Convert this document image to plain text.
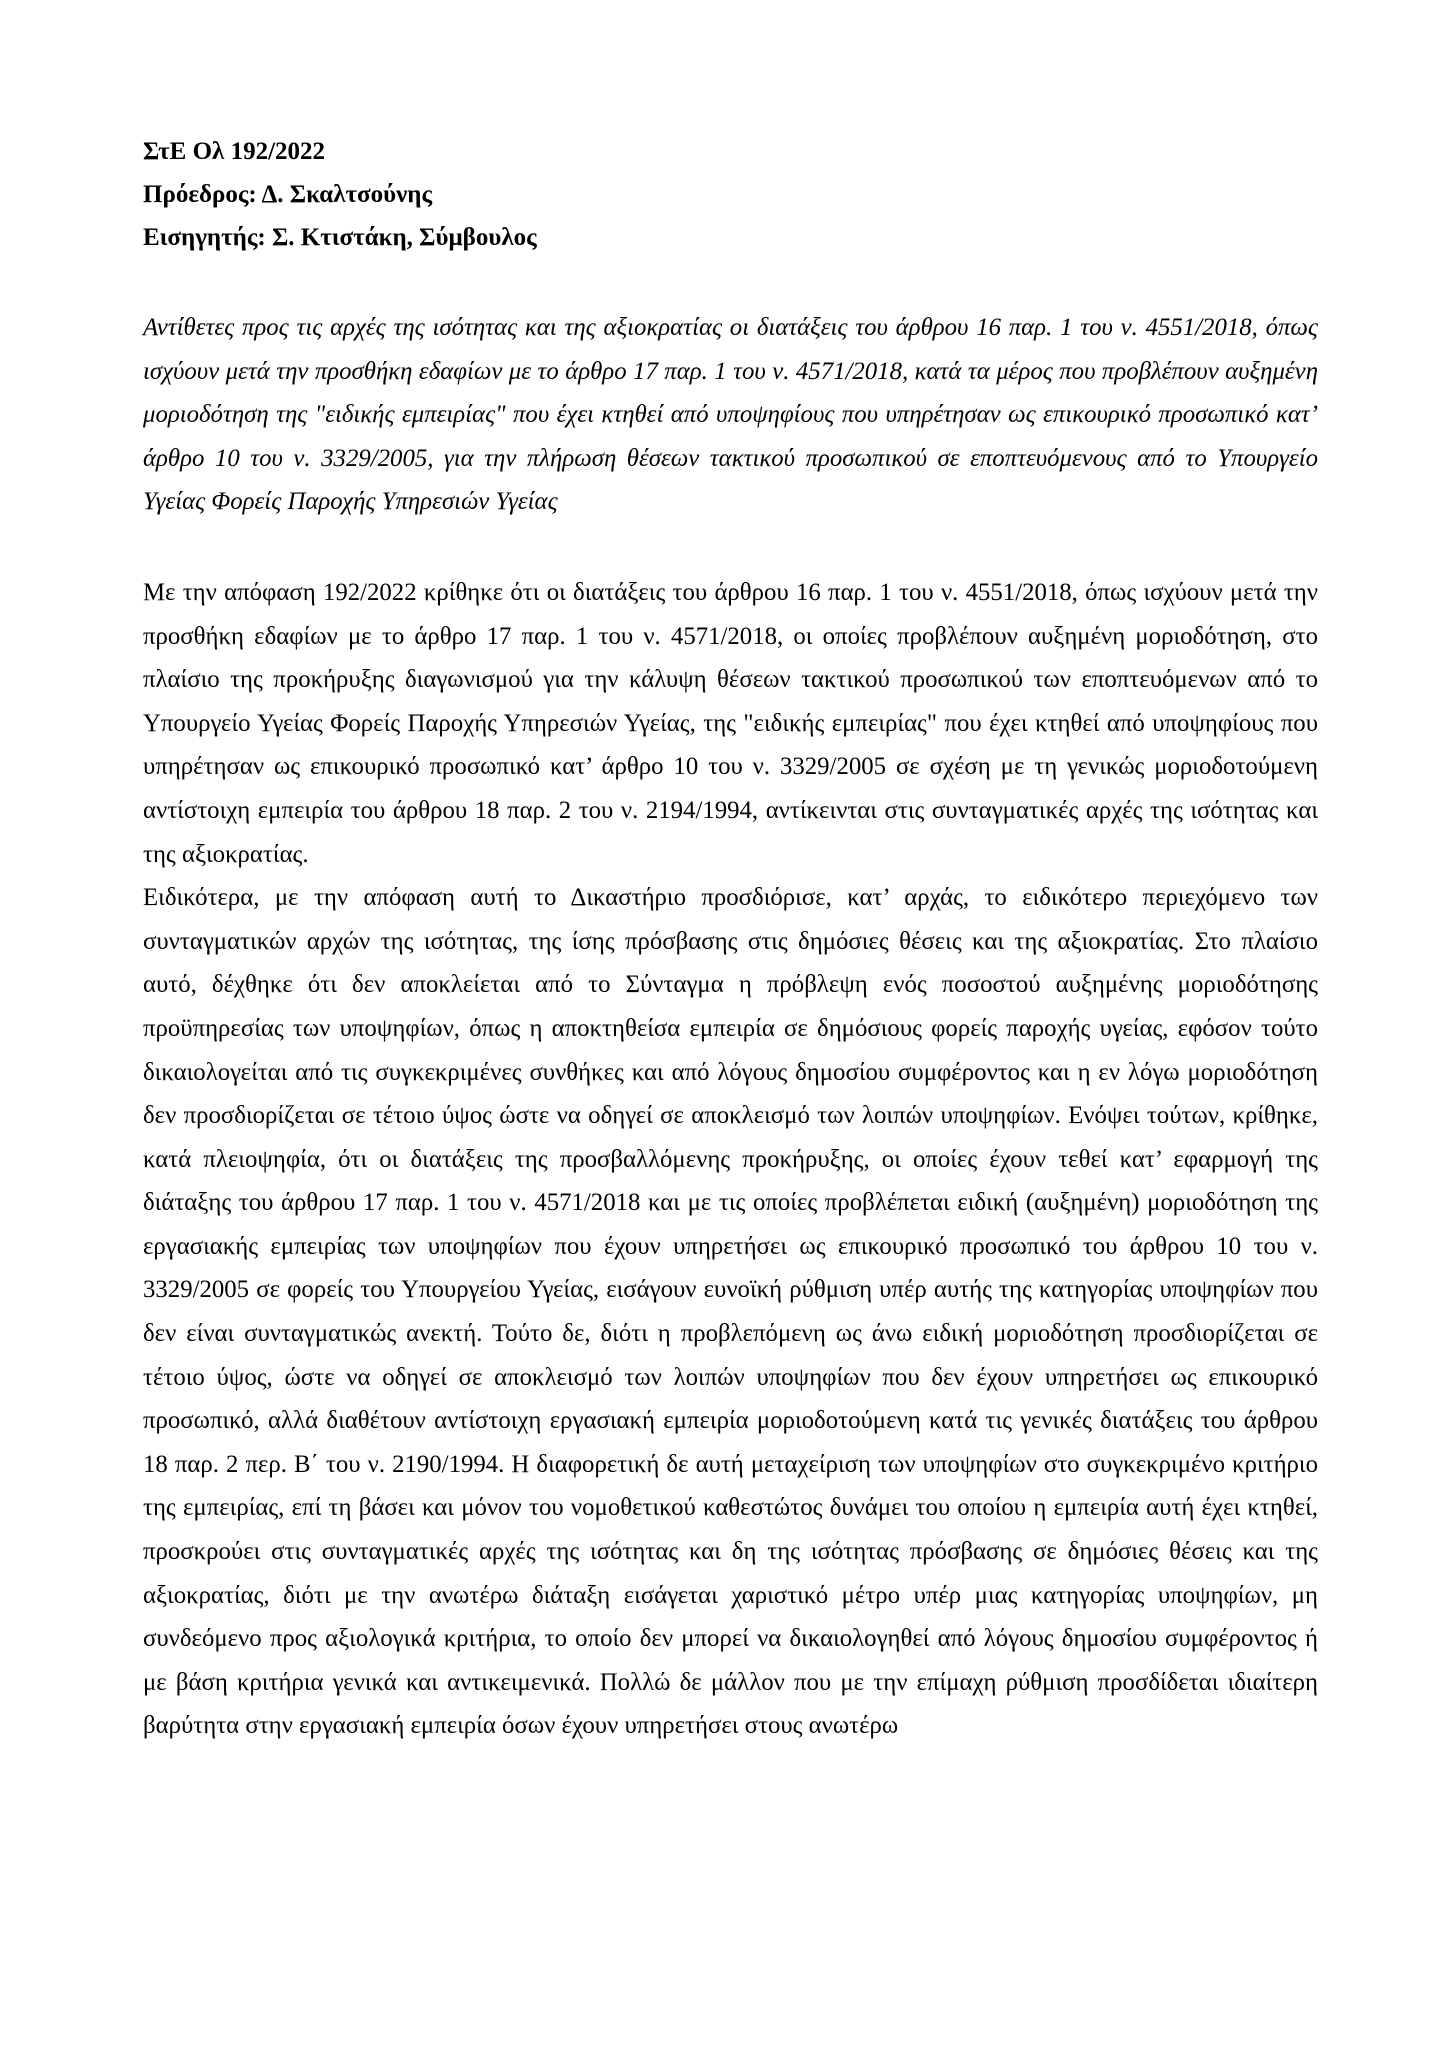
ΣτΕ Ολ 192/2022

Πρόεδρος: Δ. Σκαλτσούνης

Εισηγητής: Σ. Κτιστάκη, Σύμβουλος

Αντίθετες προς τις αρχές της ισότητας και της αξιοκρατίας οι διατάξεις του άρθρου 16 παρ. 1 του ν. 4551/2018, όπως ισχύουν μετά την προσθήκη εδαφίων με το άρθρο 17 παρ. 1 του ν. 4571/2018, κατά τα μέρος που προβλέπουν αυξημένη μοριοδότηση της "ειδικής εμπειρίας" που έχει κτηθεί από υποψηφίους που υπηρέτησαν ως επικουρικό προσωπικό κατ’ άρθρο 10 του ν. 3329/2005, για την πλήρωση θέσεων τακτικού προσωπικού σε εποπτευόμενους από το Υπουργείο Υγείας Φορείς Παροχής Υπηρεσιών Υγείας

Με την απόφαση 192/2022 κρίθηκε ότι οι διατάξεις του άρθρου 16 παρ. 1 του ν. 4551/2018, όπως ισχύουν μετά την προσθήκη εδαφίων με το άρθρο 17 παρ. 1 του ν. 4571/2018, οι οποίες προβλέπουν αυξημένη μοριοδότηση, στο πλαίσιο της προκήρυξης διαγωνισμού για την κάλυψη θέσεων τακτικού προσωπικού των εποπτευόμενων από το Υπουργείο Υγείας Φορείς Παροχής Υπηρεσιών Υγείας, της "ειδικής εμπειρίας" που έχει κτηθεί από υποψηφίους που υπηρέτησαν ως επικουρικό προσωπικό κατ’ άρθρο 10 του ν. 3329/2005 σε σχέση με τη γενικώς μοριοδοτούμενη αντίστοιχη εμπειρία του άρθρου 18 παρ. 2 του ν. 2194/1994, αντίκεινται στις συνταγματικές αρχές της ισότητας και της αξιοκρατίας.

Ειδικότερα, με την απόφαση αυτή το Δικαστήριο προσδιόρισε, κατ’ αρχάς, το ειδικότερο περιεχόμενο των συνταγματικών αρχών της ισότητας, της ίσης πρόσβασης στις δημόσιες θέσεις και της αξιοκρατίας. Στο πλαίσιο αυτό, δέχθηκε ότι δεν αποκλείεται από το Σύνταγμα η πρόβλεψη ενός ποσοστού αυξημένης μοριοδότησης προϋπηρεσίας των υποψηφίων, όπως η αποκτηθείσα εμπειρία σε δημόσιους φορείς παροχής υγείας, εφόσον τούτο δικαιολογείται από τις συγκεκριμένες συνθήκες και από λόγους δημοσίου συμφέροντος και η εν λόγω μοριοδότηση δεν προσδιορίζεται σε τέτοιο ύψος ώστε να οδηγεί σε αποκλεισμό των λοιπών υποψηφίων. Ενόψει τούτων, κρίθηκε, κατά πλειοψηφία, ότι οι διατάξεις της προσβαλλόμενης προκήρυξης, οι οποίες έχουν τεθεί κατ’ εφαρμογή της διάταξης του άρθρου 17 παρ. 1 του ν. 4571/2018 και με τις οποίες προβλέπεται ειδική (αυξημένη) μοριοδότηση της εργασιακής εμπειρίας των υποψηφίων που έχουν υπηρετήσει ως επικουρικό προσωπικό του άρθρου 10 του ν. 3329/2005 σε φορείς του Υπουργείου Υγείας, εισάγουν ευνοϊκή ρύθμιση υπέρ αυτής της κατηγορίας υποψηφίων που δεν είναι συνταγματικώς ανεκτή. Τούτο δε, διότι η προβλεπόμενη ως άνω ειδική μοριοδότηση προσδιορίζεται σε τέτοιο ύψος, ώστε να οδηγεί σε αποκλεισμό των λοιπών υποψηφίων που δεν έχουν υπηρετήσει ως επικουρικό προσωπικό, αλλά διαθέτουν αντίστοιχη εργασιακή εμπειρία μοριοδοτούμενη κατά τις γενικές διατάξεις του άρθρου 18 παρ. 2 περ. Β΄ του ν. 2190/1994. Η διαφορετική δε αυτή μεταχείριση των υποψηφίων στο συγκεκριμένο κριτήριο της εμπειρίας, επί τη βάσει και μόνον του νομοθετικού καθεστώτος δυνάμει του οποίου η εμπειρία αυτή έχει κτηθεί, προσκρούει στις συνταγματικές αρχές της ισότητας και δη της ισότητας πρόσβασης σε δημόσιες θέσεις και της αξιοκρατίας, διότι με την ανωτέρω διάταξη εισάγεται χαριστικό μέτρο υπέρ μιας κατηγορίας υποψηφίων, μη συνδεόμενο προς αξιολογικά κριτήρια, το οποίο δεν μπορεί να δικαιολογηθεί από λόγους δημοσίου συμφέροντος ή με βάση κριτήρια γενικά και αντικειμενικά. Πολλώ δε μάλλον που με την επίμαχη ρύθμιση προσδίδεται ιδιαίτερη βαρύτητα στην εργασιακή εμπειρία όσων έχουν υπηρετήσει στους ανωτέρω
